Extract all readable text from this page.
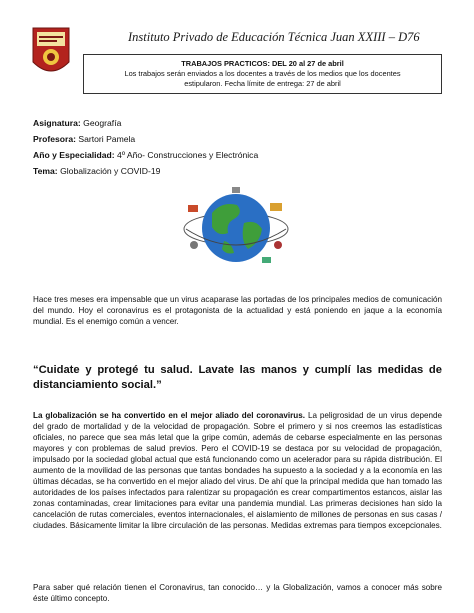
Instituto Privado de Educación Técnica Juan XXIII – D76
TRABAJOS PRACTICOS: DEL 20 al 27 de abril
Los trabajos serán enviados a los docentes a través de los medios que los docentes
estipularon. Fecha límite de entrega: 27 de abril
Asignatura: Geografía
Profesora: Sartori Pamela
Año y Especialidad: 4º Año- Construcciones y Electrónica
Tema: Globalización y COVID-19

Hace tres meses era impensable que un virus acaparase las portadas de los principales medios de comunicación del mundo. Hoy el coronavirus es el protagonista de la actualidad y está poniendo en jaque a la economía mundial. Es el enemigo común a vencer.

“Cuidate y protegé tu salud. Lavate las manos y cumplí las medidas de distanciamiento social.”

La globalización se ha convertido en el mejor aliado del coronavirus. La peligrosidad de un virus depende del grado de mortalidad y de la velocidad de propagación. Sobre el primero y si nos creemos las estadísticas oficiales, no parece que sea más letal que la gripe común, además de cebarse especialmente en las personas mayores y con problemas de salud previos. Pero el COVID-19 se destaca por su velocidad de propagación, impulsado por la sociedad global actual que está funcionando como un acelerador para su rápida distribución. El aumento de la movilidad de las personas que tantas bondades ha supuesto a la sociedad y a la economía en las últimas décadas, se ha convertido en el mejor aliado del virus. De ahí que la principal medida que han tomado las autoridades de los países infectados para ralentizar su propagación es crear compartimentos estancos, aislar las zonas contaminadas, crear limitaciones para evitar una pandemia mundial. Las primeras decisiones han sido la cancelación de rutas comerciales, eventos internacionales, el aislamiento de millones de personas en sus casas / ciudades. Básicamente limitar la libre circulación de las personas. Medidas extremas para tiempos excepcionales.

Para saber qué relación tienen el Coronavirus, tan conocido… y la Globalización, vamos a conocer más sobre éste último concepto.
